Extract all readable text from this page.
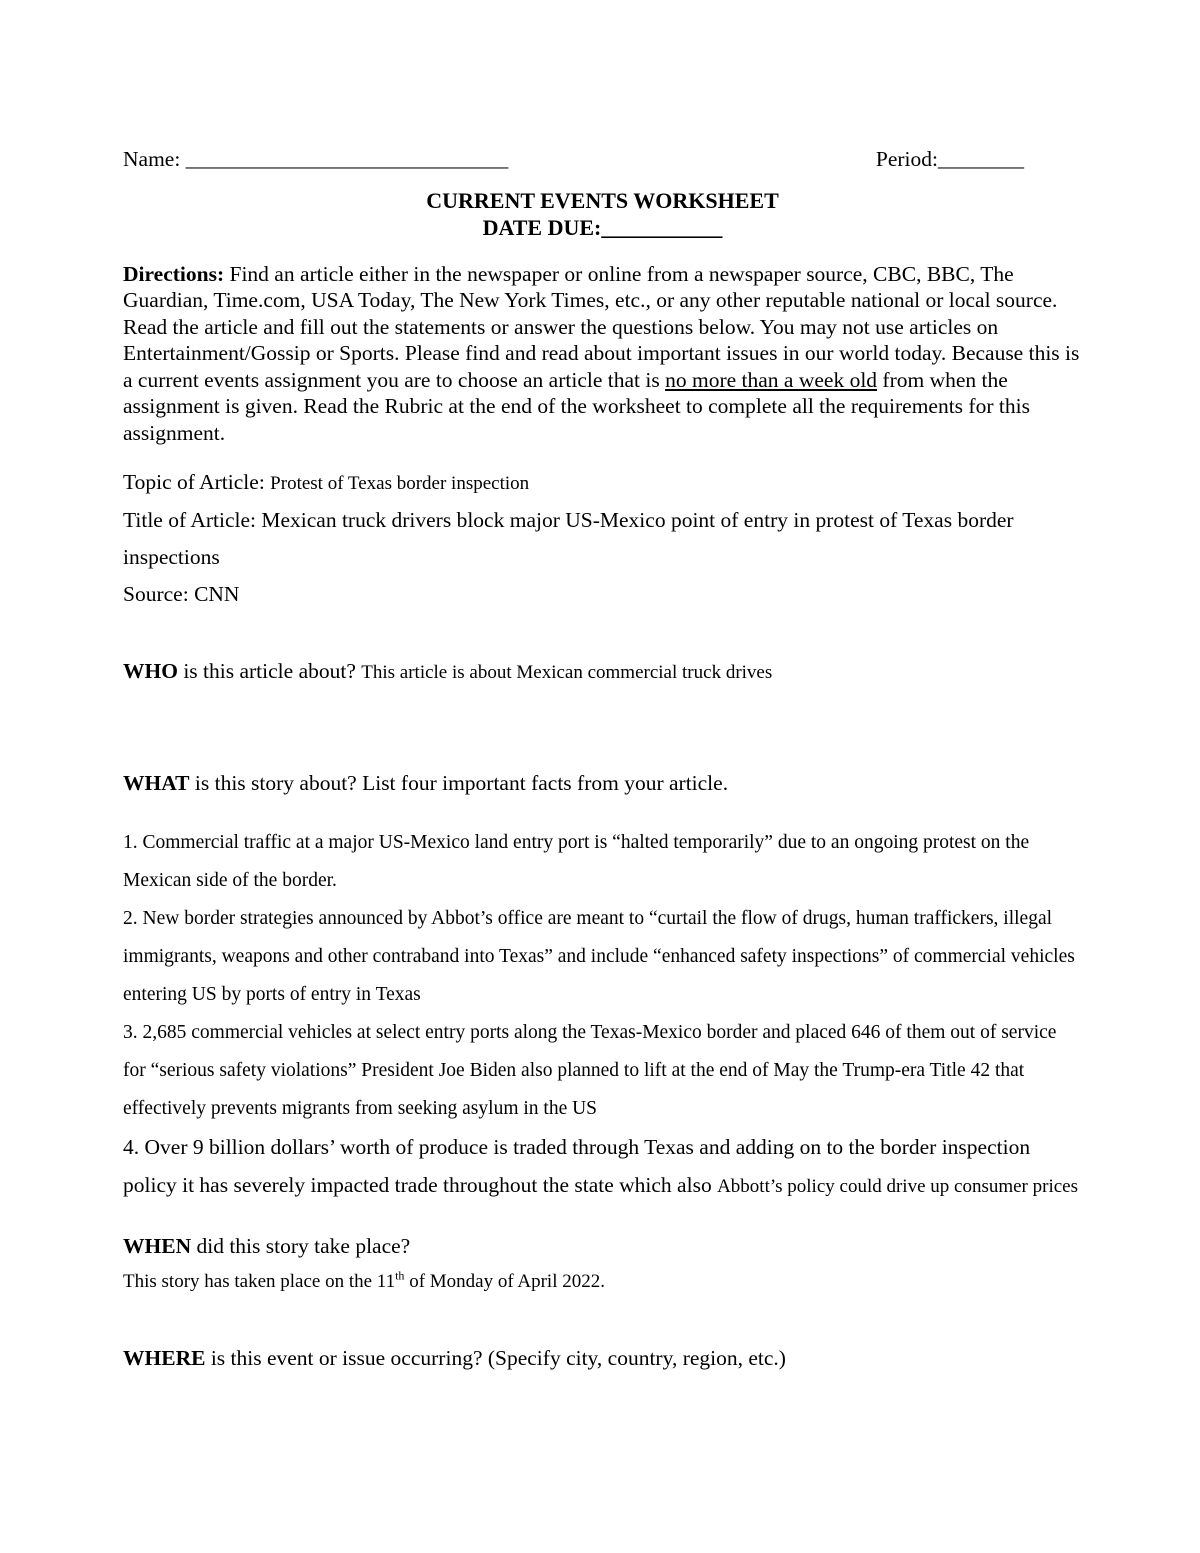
Name: ______________________________	Period:________
CURRENT EVENTS WORKSHEET
DATE DUE:___________

Directions: Find an article either in the newspaper or online from a newspaper source, CBC, BBC, The Guardian, Time.com, USA Today, The New York Times, etc., or any other reputable national or local source. Read the article and fill out the statements or answer the questions below. You may not use articles on Entertainment/Gossip or Sports. Please find and read about important issues in our world today. Because this is a current events assignment you are to choose an article that is no more than a week old from when the assignment is given. Read the Rubric at the end of the worksheet to complete all the requirements for this assignment.

Topic of Article: Protest of Texas border inspection

Title of Article: Mexican truck drivers block major US-Mexico point of entry in protest of Texas border inspections

Source: CNN

WHO is this article about? This article is about Mexican commercial truck drives

WHAT is this story about? List four important facts from your article.

1. Commercial traffic at a major US-Mexico land entry port is “halted temporarily” due to an ongoing protest on the Mexican side of the border.

2. New border strategies announced by Abbot’s office are meant to “curtail the flow of drugs, human traffickers, illegal immigrants, weapons and other contraband into Texas” and include “enhanced safety inspections” of commercial vehicles entering US by ports of entry in Texas

3. 2,685 commercial vehicles at select entry ports along the Texas-Mexico border and placed 646 of them out of service for “serious safety violations” President Joe Biden also planned to lift at the end of May the Trump-era Title 42 that effectively prevents migrants from seeking asylum in the US

4. Over 9 billion dollars’ worth of produce is traded through Texas and adding on to the border inspection policy it has severely impacted trade throughout the state which also Abbott’s policy could drive up consumer prices

WHEN did this story take place?

This story has taken place on the 11th of Monday of April 2022.

WHERE is this event or issue occurring? (Specify city, country, region, etc.)
